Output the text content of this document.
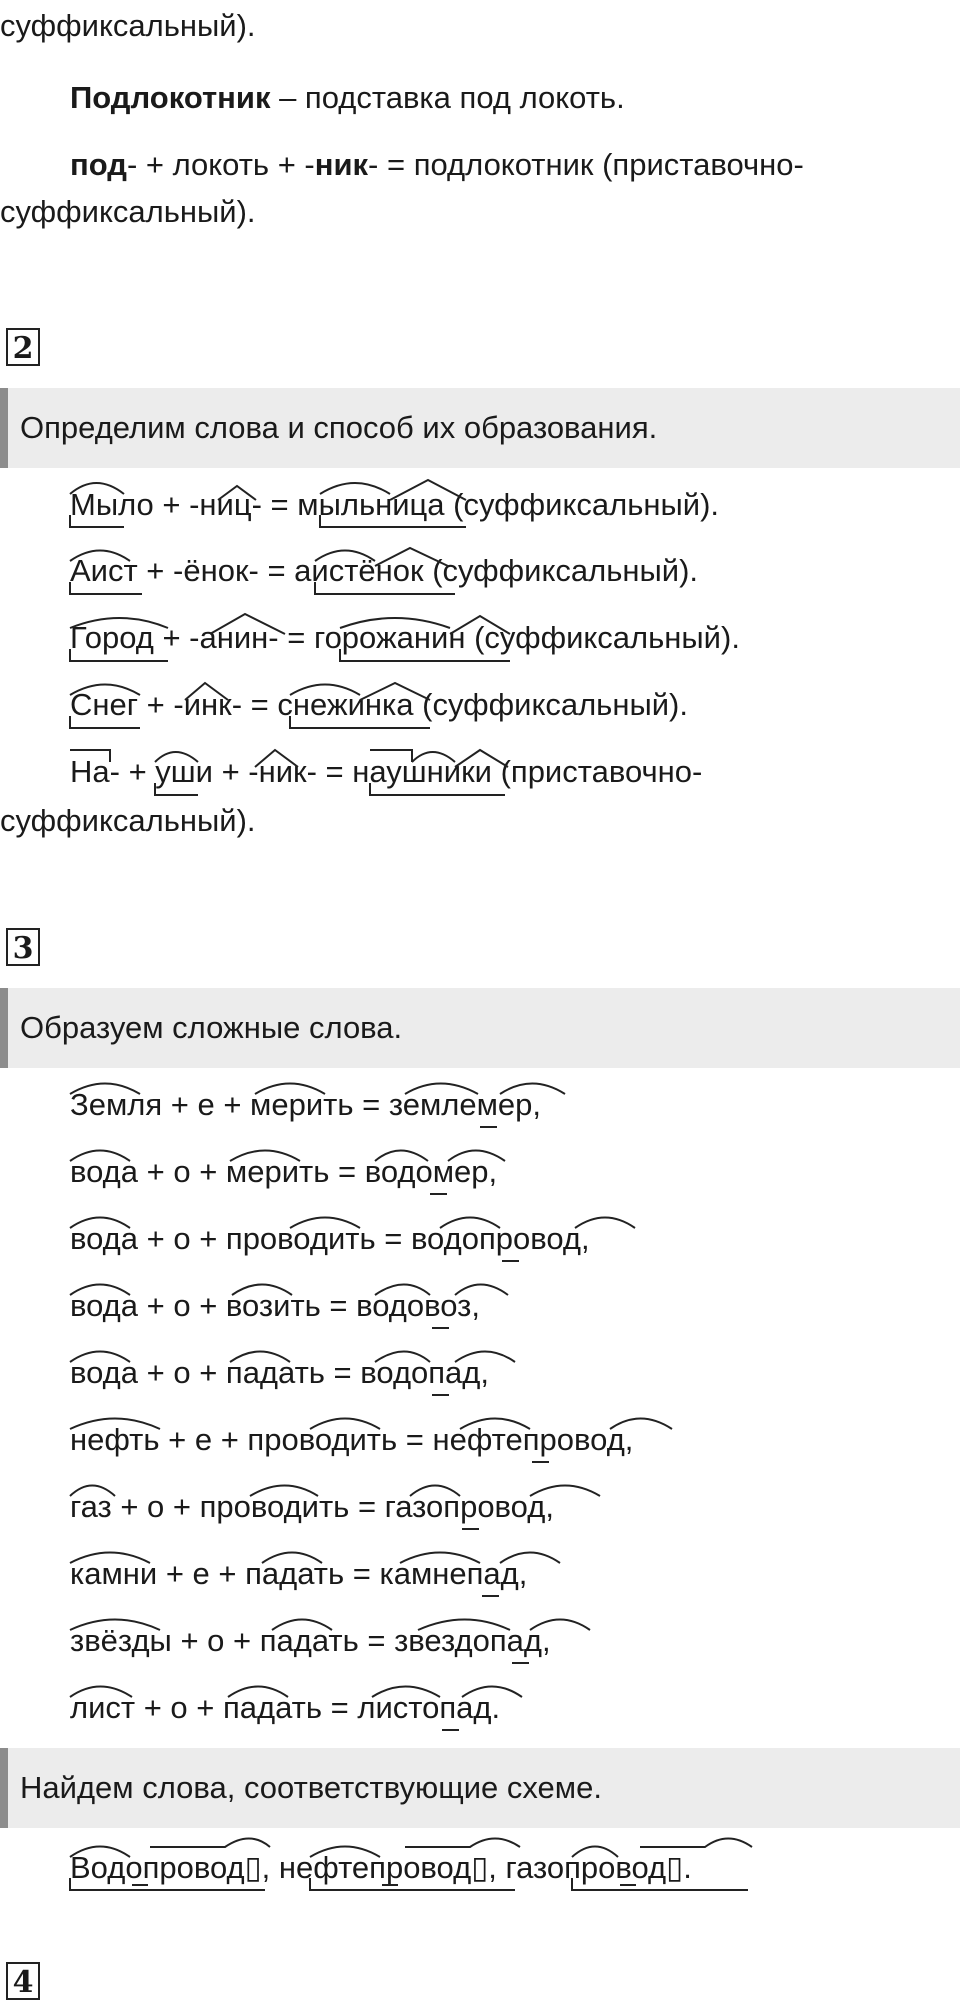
суффиксальный).
Подлокотник – подставка под локоть.
под- + локоть + -ник- = подлокотник (приставочно-
суффиксальный).
2
Определим слова и способ их образования.
Мыло + -ниц- = мыльница (суффиксальный).
Аист + -ёнок- = аистёнок (суффиксальный).
Город + -анин- = горожанин (суффиксальный).
Снег + -инк- = снежинка (суффиксальный).
На- + уши + -ник- = наушники (приставочно-
суффиксальный).
3
Образуем сложные слова.
Земля + е + мерить = землемер,
вода + о + мерить = водомер,
вода + о + проводить = водопровод,
вода + о + возить = водовоз,
вода + о + падать = водопад,
нефть + е + проводить = нефтепровод,
газ + о + проводить = газопровод,
камни + е + падать = камнепад,
звёзды + о + падать = звездопад,
лист + о + падать = листопад.
Найдем слова, соответствующие схеме.
Водопровод▯, нефтепровод▯, газопровод▯.
4
